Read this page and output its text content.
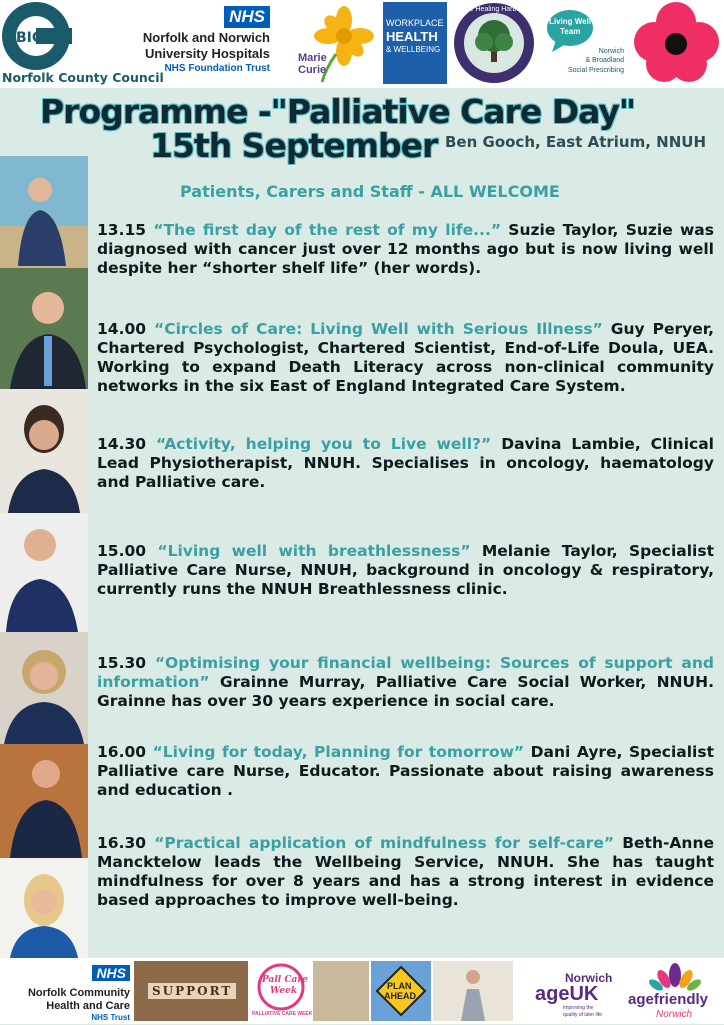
BIG
Norfolk County Council
NHS
Norfolk and Norwich
University Hospitals
NHS Foundation Trust
Marie Curie
WORKPLACE
HEALTH
& WELLBEING
The Healing Harbour
Living Well
Team
Norwich
& Broadland
Social Prescribing
Programme -"Palliative Care Day"
15th September Ben Gooch, East Atrium, NNUH
Patients, Carers and Staff - ALL WELCOME
13.15 “The first day of the rest of my life...” Suzie Taylor, Suzie was diagnosed with cancer just over 12 months ago but is now living well despite her “shorter shelf life” (her words).
14.00 “Circles of Care: Living Well with Serious Illness” Guy Peryer, Chartered Psychologist, Chartered Scientist, End-of-Life Doula, UEA. Working to expand Death Literacy across non-clinical community networks in the six East of England Integrated Care System.
14.30 “Activity, helping you to Live well?” Davina Lambie, Clinical Lead Physiotherapist, NNUH. Specialises in oncology, haematology and Palliative care.
15.00 “Living well with breathlessness” Melanie Taylor, Specialist Palliative Care Nurse, NNUH, background in oncology & respiratory, currently runs the NNUH Breathlessness clinic.
15.30 “Optimising your financial wellbeing: Sources of support and information” Grainne Murray, Palliative Care Social Worker, NNUH. Grainne has over 30 years experience in social care.
16.00 “Living for today, Planning for tomorrow” Dani Ayre, Specialist Palliative care Nurse, Educator. Passionate about raising awareness and education .
16.30 “Practical application of mindfulness for self-care” Beth-Anne Mancktelow leads the Wellbeing Service, NNUH. She has taught mindfulness for over 8 years and has a strong interest in evidence based approaches to improve well-being.
NHS
Norfolk Community
Health and Care
NHS Trust
SUPPORT
Pall Care
Week
PALLIATIVE CARE WEEK
PLAN
AHEAD
Norwich
ageUK
Improving the
quality of later life
agefriendly
Norwich
